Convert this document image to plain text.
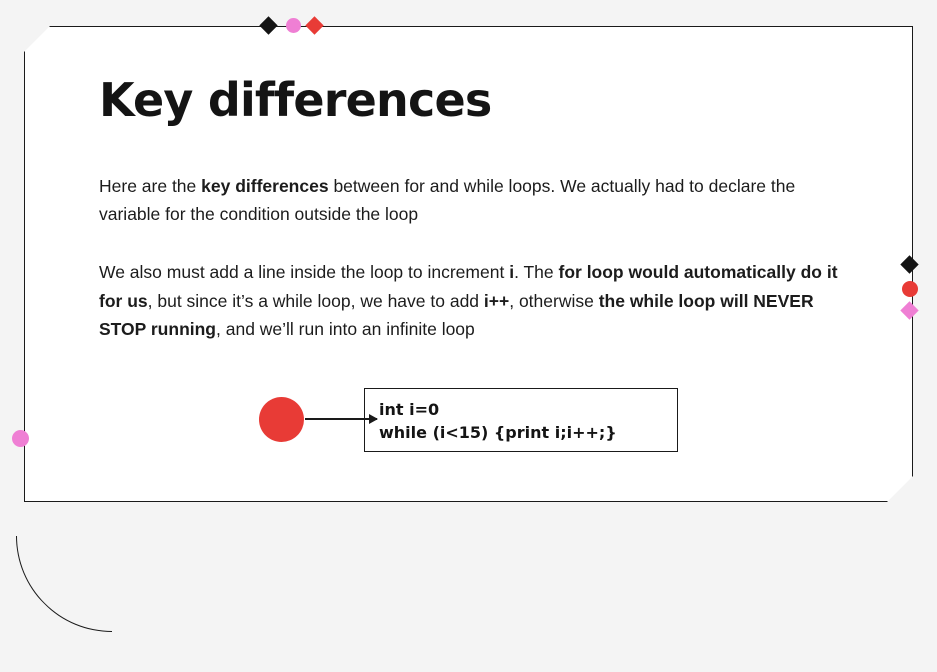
Key differences

Here are the key differences between for and while loops. We actually had to declare the variable for the condition outside the loop

We also must add a line inside the loop to increment i. The for loop would automatically do it for us, but since it’s a while loop, we have to add i++, otherwise the while loop will NEVER STOP running, and we’ll run into an infinite loop

int i=0
while (i<15) {print i;i++;}
